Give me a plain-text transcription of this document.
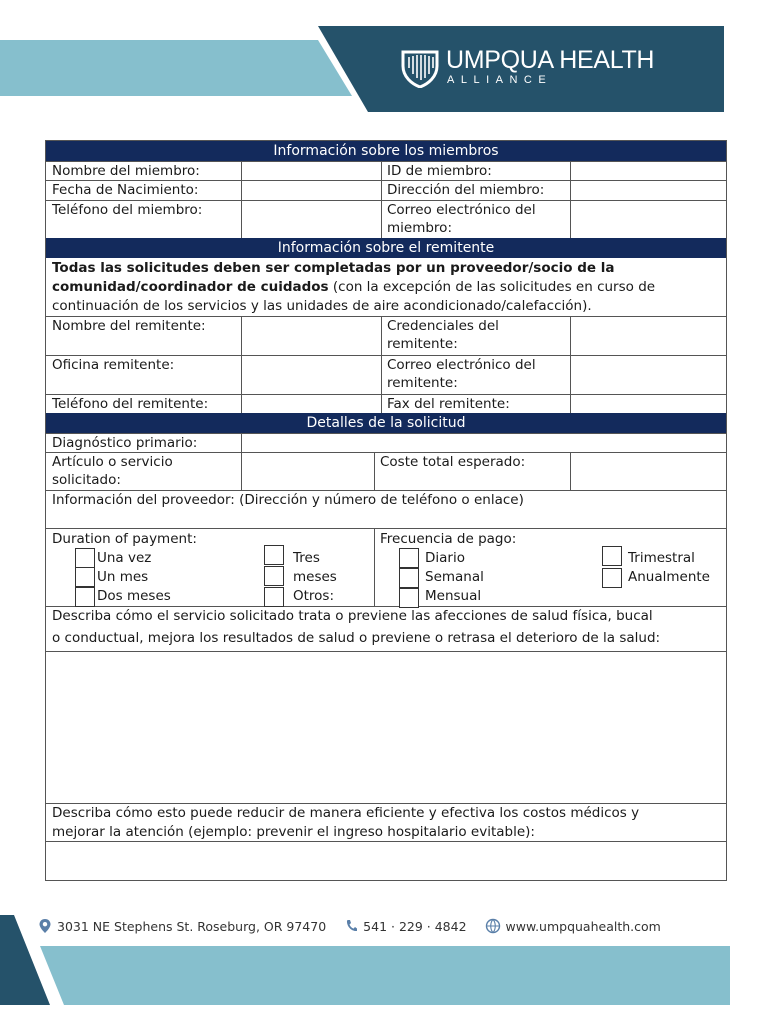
UMPQUA HEALTH
ALLIANCE
Información sobre los miembros
Nombre del miembro:	ID de miembro:
Fecha de Nacimiento:	Dirección del miembro:
Teléfono del miembro:	Correo electrónico del
miembro:
Información sobre el remitente
Todas las solicitudes deben ser completadas por un proveedor/socio de la comunidad/coordinador de cuidados (con la excepción de las solicitudes en curso de continuación de los servicios y las unidades de aire acondicionado/calefacción).
Nombre del remitente:	Credenciales del
remitente:
Oficina remitente:	Correo electrónico del
remitente:
Teléfono del remitente:	Fax del remitente:
Detalles de la solicitud
Diagnóstico primario:
Artículo o servicio
solicitado:
Coste total esperado:
Información del proveedor: (Dirección y número de teléfono o enlace)
Duration of payment:
Una vez
Un mes
Dos meses
Tres
meses
Otros:
Frecuencia de pago:
Diario
Semanal
Mensual
Trimestral
Anualmente
Describa cómo el servicio solicitado trata o previene las afecciones de salud física, bucal
o conductual, mejora los resultados de salud o previene o retrasa el deterioro de la salud:
Describa cómo esto puede reducir de manera eficiente y efectiva los costos médicos y
mejorar la atención (ejemplo: prevenir el ingreso hospitalario evitable):
3031 NE Stephens St. Roseburg, OR 97470	541 · 229 · 4842	www.umpquahealth.com
